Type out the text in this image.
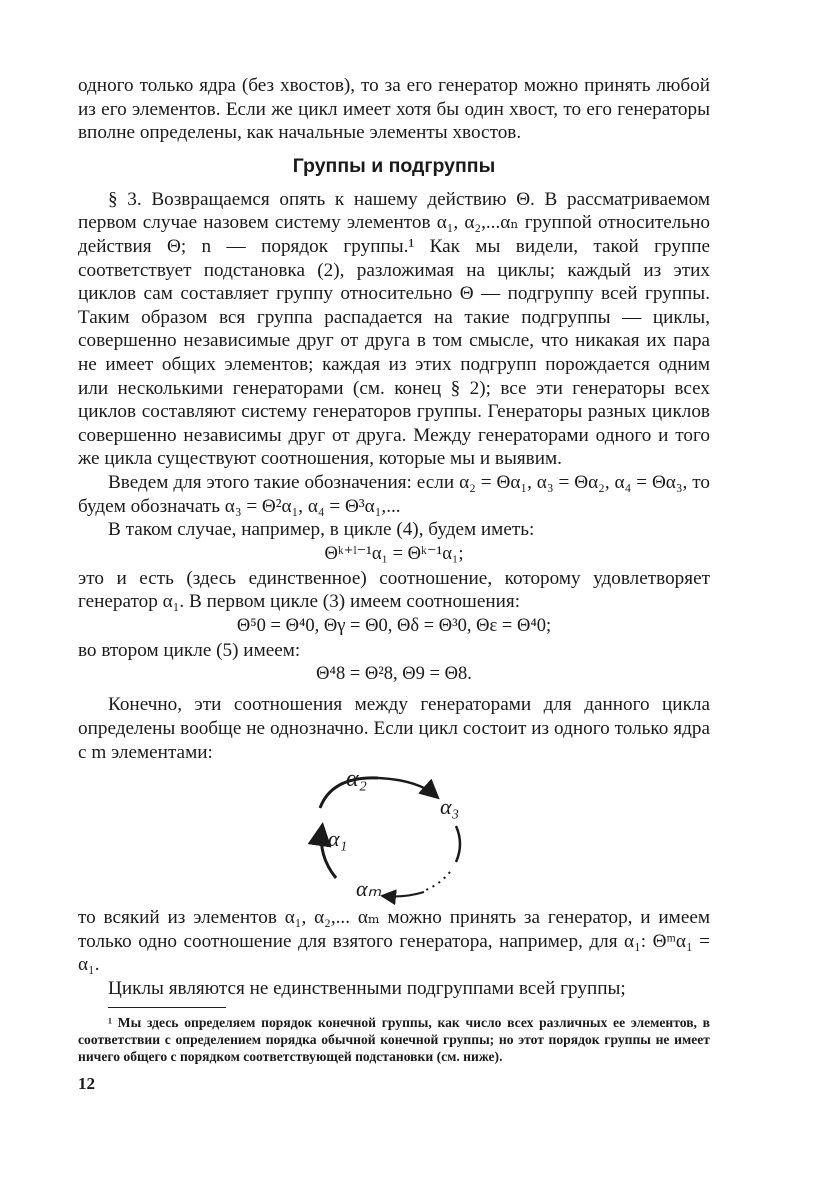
одного только ядра (без хвостов), то за его генератор можно принять любой из его элементов. Если же цикл имеет хотя бы один хвост, то его генераторы вполне определены, как начальные элементы хвостов.

Группы и подгруппы

§ 3. Возвращаемся опять к нашему действию Θ. В рассматриваемом первом случае назовем систему элементов α₁, α₂,...αₙ группой относительно действия Θ; n — порядок группы.¹ Как мы видели, такой группе соответствует подстановка (2), разложимая на циклы; каждый из этих циклов сам составляет группу относительно Θ — подгруппу всей группы. Таким образом вся группа распадается на такие подгруппы — циклы, совершенно независимые друг от друга в том смысле, что никакая их пара не имеет общих элементов; каждая из этих подгрупп порождается одним или несколькими генераторами (см. конец § 2); все эти генераторы всех циклов составляют систему генераторов группы. Генераторы разных циклов совершенно независимы друг от друга. Между генераторами одного и того же цикла существуют соотношения, которые мы и выявим.

Введем для этого такие обозначения: если α₂ = Θα₁, α₃ = Θα₂, α₄ = Θα₃, то будем обозначать α₃ = Θ²α₁, α₄ = Θ³α₁,...

В таком случае, например, в цикле (4), будем иметь:

Θᵏ⁺ˡ⁻¹α₁ = Θᵏ⁻¹α₁;

это и есть (здесь единственное) соотношение, которому удовлетворяет генератор α₁. В первом цикле (3) имеем соотношения:

Θ⁵0 = Θ⁴0, Θγ = Θ0, Θδ = Θ³0, Θε = Θ⁴0;

во втором цикле (5) имеем:

Θ⁴8 = Θ²8, Θ9 = Θ8.

Конечно, эти соотношения между генераторами для данного цикла определены вообще не однозначно. Если цикл состоит из одного только ядра с m элементами:

α₂
α₃
α₁
αₘ

то всякий из элементов α₁, α₂,... αₘ можно принять за генератор, и имеем только одно соотношение для взятого генератора, например, для α₁: Θᵐα₁ = α₁.

Циклы являются не единственными подгруппами всей группы;

¹ Мы здесь определяем порядок конечной группы, как число всех различных ее элементов, в соответствии с определением порядка обычной конечной группы; но этот порядок группы не имеет ничего общего с порядком соответствующей подстановки (см. ниже).

12
